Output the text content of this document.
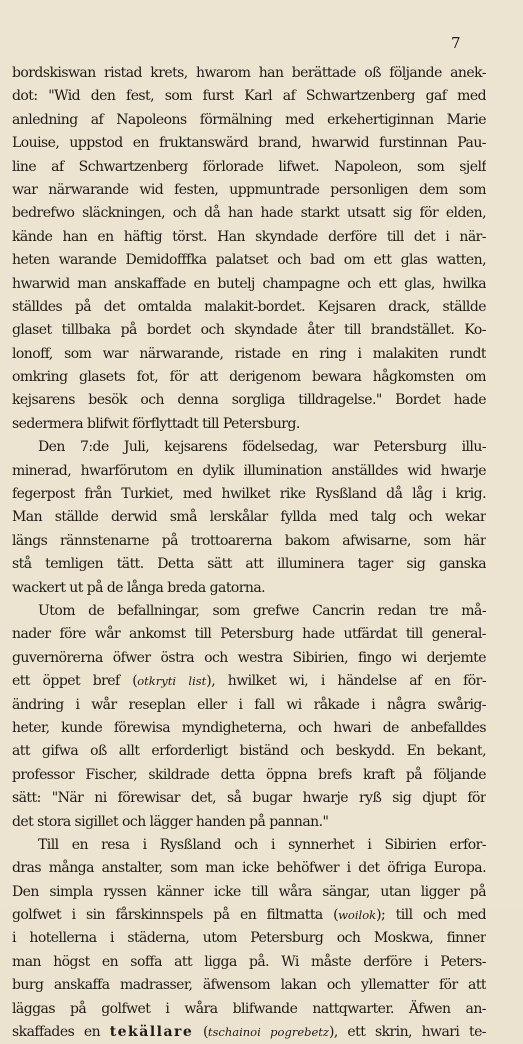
7
bordskiswan ristad krets, hwarom han berättade oß följande anek-
dot: "Wid den fest, som furst Karl af Schwartzenberg gaf med
anledning af Napoleons förmälning med erkehertiginnan Marie
Louise, uppstod en fruktanswärd brand, hwarwid furstinnan Pau-
line af Schwartzenberg förlorade lifwet. Napoleon, som sjelf
war närwarande wid festen, uppmuntrade personligen dem som
bedrefwo släckningen, och då han hade starkt utsatt sig för elden,
kände han en häftig törst. Han skyndade derföre till det i när-
heten warande Demidofffka palatset och bad om ett glas watten,
hwarwid man anskaffade en butelj champagne och ett glas, hwilka
ställdes på det omtalda malakit-bordet. Kejsaren drack, ställde
glaset tillbaka på bordet och skyndade åter till brandstället. Ko-
lonoff, som war närwarande, ristade en ring i malakiten rundt
omkring glasets fot, för att derigenom bewara hågkomsten om
kejsarens besök och denna sorgliga tilldragelse." Bordet hade
sedermera blifwit förflyttadt till Petersburg.
Den 7:de Juli, kejsarens födelsedag, war Petersburg illu-
minerad, hwarförutom en dylik illumination anställdes wid hwarje
fegerpost från Turkiet, med hwilket rike Rysßland då låg i krig.
Man ställde derwid små lerskålar fyllda med talg och wekar
längs rännstenarne på trottoarerna bakom afwisarne, som här
stå temligen tätt. Detta sätt att illuminera tager sig ganska
wackert ut på de långa breda gatorna.
Utom de befallningar, som grefwe Cancrin redan tre må-
nader före wår ankomst till Petersburg hade utfärdat till general-
guvernörerna öfwer östra och westra Sibirien, fingo wi derjemte
ett öppet bref (otkryti list), hwilket wi, i händelse af en för-
ändring i wår reseplan eller i fall wi råkade i några swårig-
heter, kunde förewisa myndigheterna, och hwari de anbefalldes
att gifwa oß allt erforderligt biständ och beskydd. En bekant,
professor Fischer, skildrade detta öppna brefs kraft på följande
sätt: "När ni förewisar det, så bugar hwarje ryß sig djupt för
det stora sigillet och lägger handen på pannan."
Till en resa i Rysßland och i synnerhet i Sibirien erfor-
dras många anstalter, som man icke behöfwer i det öfriga Europa.
Den simpla ryssen känner icke till wåra sängar, utan ligger på
golfwet i sin fårskinnspels på en filtmatta (woilok); till och med
i hotellerna i städerna, utom Petersburg och Moskwa, finner
man högst en soffa att ligga på. Wi måste derföre i Peters-
burg anskaffa madrasser, äfwensom lakan och yllematter för att
läggas på golfwet i wåra blifwande nattqwarter. Äfwen an-
skaffades en tekällare (tschainoi pogrebetz), ett skrin, hwari te-
